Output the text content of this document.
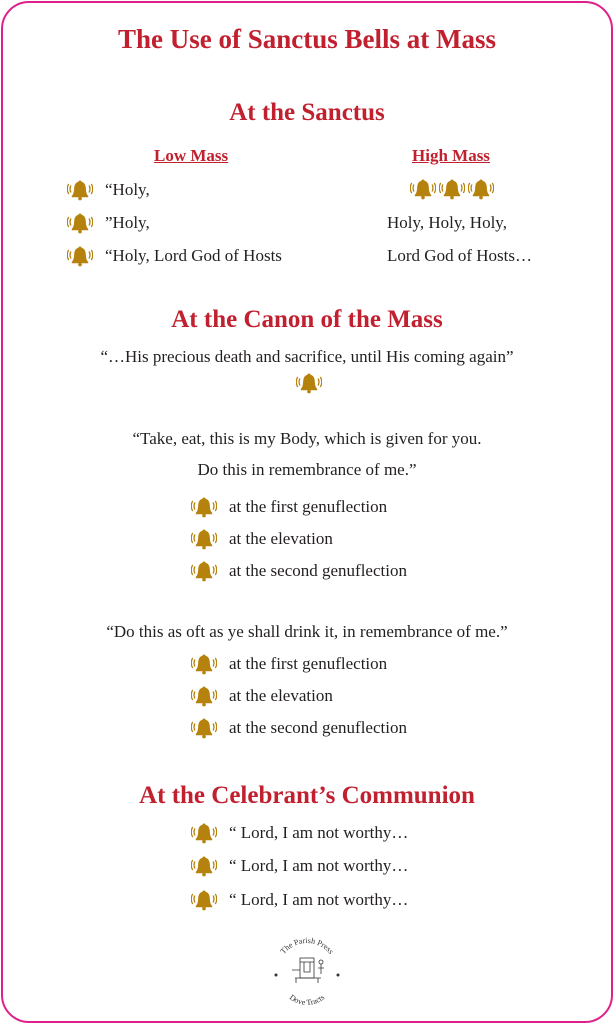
The Use of Sanctus Bells at Mass
At the Sanctus
Low Mass	High Mass
“Holy,
”Holy,
“Holy, Lord God of Hosts
Holy, Holy, Holy,
Lord God of Hosts…
At the Canon of the Mass
“…His precious death and sacrifice, until His coming again”
“Take, eat, this is my Body, which is given for you.
Do this in remembrance of me.”
at the first genuflection
at the elevation
at the second genuflection
“Do this as oft as ye shall drink it, in remembrance of me.”
at the first genuflection
at the elevation
at the second genuflection
At the Celebrant’s Communion
“ Lord, I am not worthy…
“ Lord, I am not worthy…
“ Lord, I am not worthy…
The Parish Press
Dove Tracts
